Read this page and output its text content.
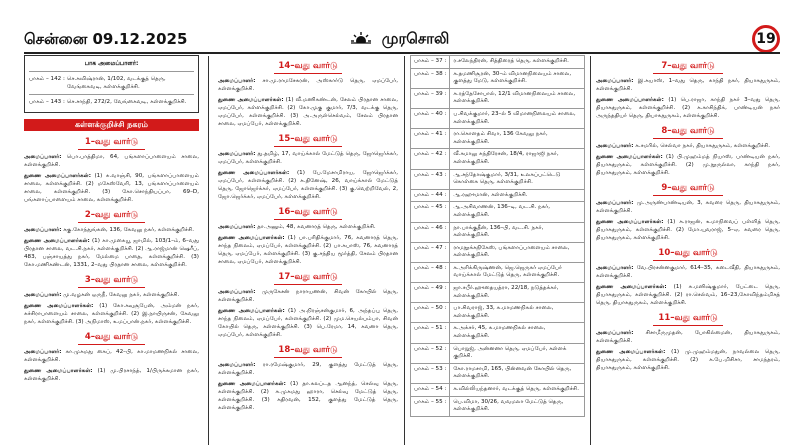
சென்னை 09.12.2025	முரசொலி	19
பாக அமைப்பாளர்:
பாகம் – 142 : செ.சுவிஷ்ரான், 1/102, வடக்குத் தெரு, வேங்கைவடி, கள்ளக்குறிச்சி.
பாகம் – 143 : செ.சாந்தி, 272/2, வேங்கைவடி, கள்ளக்குறிச்சி.
கள்ளக்குறிச்சி நகரம்
1–வது வார்டு

அமைப்பாளர்: பொ.பாத்திமா, 64, பங்களாப்பாளையம் சாலை, கள்ளக்குறிச்சி.

துணை அமைப்பாளர்கள்: (1) சு.வாஞ்சி, 90, பங்களாப்பாளையம் சாலை, கள்ளக்குறிச்சி. (2) மகேஸ்வேரி, 13, பங்களாப்பாளையம் சாலை, கள்ளக்குறிச்சி. (3) கோ.சொந்தியப்பா, 69–D, பங்களாப்பாளையம் சாலை, கள்ளக்குறிச்சி.

2–வது வார்டு

அமைப்பாளர்: சகு.கோந்துங்கன், 136, கேவலு நகர், கள்ளக்குறிச்சி.

துணை அமைப்பாளர்கள்: (1) கா.முகையூ ஜாமில், 103/1–ம், 6–வது பிரதான சாலை, வட.சி.நகர், கள்ளக்குறிச்சி. (2) ஆ.ராஜ்மான் ஷெரீப், 483, பஞ்சாயத்து நகர், மேல்மை பாதை, கள்ளக்குறிச்சி. (3) கோ.மணிகண்டன், 1331, 2–வது பிரதான சாலை, கள்ளக்குறிச்சி.

3–வது வார்டு

அமைப்பாளர்: மு.வழகன் ஒருநீ, கேவலு நகர், கள்ளக்குறிச்சி.

துணை அமைப்பாளர்கள்: (1) கோ.கவுசூபேன், அம்மன் நகர், சுச்சிராபாளையம் சாலை, கள்ளக்குறிச்சி. (2) இ.நாயிருசன், கேவலு நகர், கள்ளக்குறிச்சி. (3) அநிமாஸ், உமப்பான்.நகர், கள்ளக்குறிச்சி.

4–வது வார்டு

அமைப்பாளர்: கா.முகமது கைப், 42–பி, கா.மாமணநிகல் சாலை, கள்ளக்குறிச்சி.

துணை அமைப்பாளர்கள்: (1) மு.பிரசாந்த், 1/பிருக்கமான நகர், கள்ளக்குறிச்சி.

14–வது வார்டு

அமைப்பாளர்: சா.மு.ராமசேகரன், அஸ்கார்டு தெரு, ஏமப்பேர், கள்ளக்குறிச்சி.

துணை அமைப்பாளர்கள்: (1) வீ.மணிகண்டன், சேலம் பிரதான சாலை, ஏமப்பேர், கள்ளக்குறிச்சி. (2) கோ.முகு குமார், 7/3, வடக்கு தெரு, ஏமப்பேர், கள்ளக்குறிச்சி. (3) அ.அருள்செல்வம், சேலம் பிரதான சாலை, ஏமப்பேர், கள்ளக்குறிச்சி.

15–வது வார்டு

அமைப்பாளர்: து.தமிழ், 17, வாய்க்கால் மேட்டுத் தெரு, ஜோஜெர்க்கர், ஏமப்பேர், கள்ளக்குறிச்சி.

துணை அமைப்பாளர்கள்: (1) பே.மேசாமிராய, ஜோஜெர்க்கர், ஏமப்பேர், கள்ளக்குறிச்சி. (2) சு.தினேஷ், 26, வாய்க்கால் மேட்டுத் தெரு, ஜோஜெர்க்கர், ஏமப்பேர், கள்ளக்குறிச்சி. (3) கு.வெற்றிவேல், 2, ஜோ.ஜெர்க்கர், ஏமப்பேர், கள்ளக்குறிச்சி.

16–வது வார்டு

அமைப்பாளர்: தா.அனும், 48, கவனாரத் தெரு, கள்ளக்குறிச்சி.

துணை அமைப்பாளர்கள்: (1) பா.பரிதிக்குமார், 76, கவனாரத் தெரு, சாந்த நிலைம், ஏமப்பேர், கள்ளக்குறிச்சி. (2) பா.கபாஸ், 76, கவனாரத் தெரு, ஏமப்பேர், கள்ளக்குறிச்சி. (3) கு.சந்திய மூர்த்தி, சேலம் பிரதான சாலை, ஏமப்பேர், கள்ளக்குறிச்சி.

17–வது வார்டு

அமைப்பாளர்: முருகேசன் நாராயணன், சிவன் கோயில் தெரு, கள்ளக்குறிச்சி.

துணை அமைப்பாளர்கள்: (1) அ.நிரஞ்சன்குமார், 6, அந்தப்பு தெரு, சாந்த நிலைம், ஏமப்பேர், கள்ளக்குறிச்சி. (2) மும.செயல்பம்பா, சிவன் கோயில் தெரு, கள்ளக்குறிச்சி. (3) பெ.ரேமா, 14, கவனா தெரு, ஏமப்பேர், கள்ளக்குறிச்சி.

18–வது வார்டு

அமைப்பாளர்: ரா.ரமேஷ்குமார், 29, குளத்து மேட்டுத் தெரு, கள்ளக்குறிச்சி.

துணை அமைப்பாளர்கள்: (1) தா.கலப்டத ஆனந்த், செல்வு தெரு, கள்ளக்குறிச்சி. (2) சு.முகமது ஹாரா, செல்வு மேட்டுத் தெரு, கள்ளக்குறிச்சி. (3) கதிரவன், 152, குளத்து மேட்டுத் தெரு, கள்ளக்குறிச்சி.

பாகம் – 37 :	ர.சலேந்திரன், சித்திரைத் தெரு, கள்ளக்குறிச்சி.
பாகம் – 38 :	க.தமணிசூரன், 30–ம் விமானநிலையம் சாலை, குளத்து மேடு, கள்ளக்குறிச்சி.
பாகம் – 39 :	சு.ரத்தேசோபால், 12/1 விமானநிலையம் சாலை, கள்ளக்குறிச்சி.
பாகம் – 40 :	ப.சிவக்குமார், 23–ல் 5 விமானநிலையம் சாலை, கள்ளக்குறிச்சி.
பாகம் – 41 :	ரா.கொளதம் சிவா, 136 கேவலு நகர், கள்ளக்குறிச்சி.
பாகம் – 42 :	வீ.கமாலு சுந்திரேசன், 18/4, ராஜாஜி நகர், கள்ளக்குறிச்சி.
பாகம் – 43 :	ஆ.சந்தோஷ்குமார், 3/31, உலகப்பட்டெடு கொள்கை தெரு, கள்ளக்குறிச்சி.
பாகம் – 44 :	ஆ.ரஹுமான், கள்ளக்குறிச்சி.
பாகம் – 45 :	ஆ.அசிவாணன், 136–டி, வட.சி. நகர், கள்ளக்குறிச்சி.
பாகம் – 46 :	நா.பாக்குதீன், 136–பி, வட.சி. நகர், கள்ளக்குறிச்சி.
பாகம் – 47 :	ராமநூக்கநிகேஸ், பங்களாப்பாளையம் சாலை, கள்ளக்குறிச்சி.
பாகம் – 48 :	க.அரிக்கிருஷ்ணன், ஜெ.ஜெருகர் ஏமப்பேர் வாய்க்கால் மேட்டுத் தெரு, கள்ளக்குறிச்சி.
பாகம் – 49 :	ஜா.சபீர்.ஹுதையத்ரா, 22/18, நடுத்தக்கர், கள்ளக்குறிச்சி.
பாகம் – 50 :	பா.சிவராஜ், 33, க.மாமணநிகல் சாலை, கள்ளக்குறிச்சி.
பாகம் – 51 :	க.அக்சர், 45, க.மாமணநிகல் சாலை, கள்ளக்குறிச்சி.
பாகம் – 52 :	பொறுஜ், அன்னனா தெரு, ஏமப்பேர், கள்ளக் குறிச்சி.
பாகம் – 53 :	கோ.ராமசாமி, 165, பின்னவன் கோயில் தெரு, கள்ளக்குறிச்சி.
பாகம் – 54 :	க.வில்லியந்தனார், வடக்குத் தெரு, கள்ளக்குறிச்சி.
பாகம் – 55 :	பெ.விமா, 30/26, வவமலா மேட்டுத் தெரு, கள்ளக்குறிச்சி.
7–வது வார்டு

அமைப்பாளர்: இ.கயாஸ், 1–வது தெரு, காந்தி நகர், தியாகதுருகம், கள்ளக்குறிச்சி.

துணை அமைப்பாளர்கள்: (1) பெ.ராஜா, காந்தி நகர் 3–வது தெரு, தியாகதுருகம், கள்ளக்குறிச்சி. (2) க.காசிந்திக், பாண்டியன் நகர் அருந்ததியர் தெரு, தியாகதுருகம், கள்ளக்குறிச்சி.

8–வது வார்டு

அமைப்பாளர்: க.சமரில், செல்வா நகர், தியாகதுருகம், கள்ளக்குறிச்சி.

துணை அமைப்பாளர்கள்: (1) பி.முஹம்மத் நியாஸ், பாண்டியன் நகர், தியாகதுருகம், கள்ளக்குறிச்சி. (2) மு.நூருல்லா, காந்தி நகர், தியாகதுருகம், கள்ளக்குறிச்சி.

9–வது வார்டு

அமைப்பாளர்: மு.அருண்பாண்டியன், 3, கவரை தெரு, தியாகதுருகம், கள்ளக்குறிச்சி.

துணை அமைப்பாளர்கள்: (1) சு.ராஜன், உமாநிவைப் பள்ளித் தெரு, தியாகதுருகம், கள்ளக்குறிச்சி. (2) மோ.யுவராஜ், 5–ஏ, கவரை தெரு, தியாகதுருகம், கள்ளக்குறிச்சி.

10–வது வார்டு

அமைப்பாளர்: வே.பிரசன்னகுமார், 614–35, கடைவீதி, தியாகதுருகம், கள்ளக்குறிச்சி.

துணை அமைப்பாளர்கள்: (1) சு.மனிஷ்குமார், பேட்டை தெரு, தியாகதுருகம், கள்ளக்குறிச்சி. (2) ரா.செல்வம், 16–23,கோவிந்தம்மிசத் தெரு, தியாகதுருகம், கள்ளக்குறிச்சி.

11–வது வார்டு

அமைப்பாளர்: சிசாமீருமுதன், போகில்மைன், தியாகதுருகம், கள்ளக்குறிச்சி.

துணை அமைப்பாளர்கள்: (1) மு.முஹம்மதுன், நாவல்லை தெரு, தியாகதுருகம், கள்ளக்குறிச்சி. (2) க.பே.மிசிசா, சாமந்தரம், தியாகதுருகம், கள்ளக்குறிச்சி.
